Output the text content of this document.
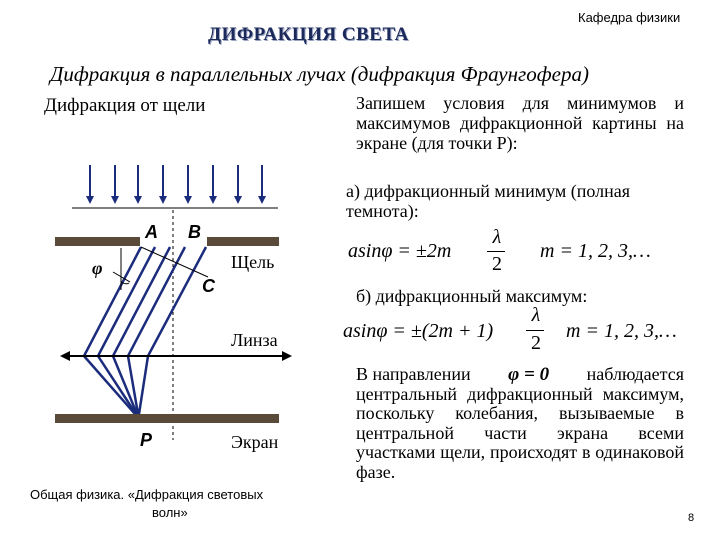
Кафедра физики
ДИФРАКЦИЯ СВЕТА
Дифракция в параллельных лучах (дифракция Фраунгофера)
Дифракция от щели
A B
C
φ	Щель
Линза
Экран
P
Запишем условия для минимумов и максимумов дифракционной картины на экране (для точки P):
а) дифракционный минимум (полная темнота):
asinφ = ±2m
λ
2
m = 1, 2, 3,…
б) дифракционный максимум:
asinφ = ±(2m + 1)
λ
2
m = 1, 2, 3,…
В направлении φ = 0 наблюдается
центральный дифракционный максимум, поскольку колебания, вызываемые в центральной части экрана всеми участками щели, происходят в одинаковой фазе.
Общая физика. «Дифракция световых
волн»	8
